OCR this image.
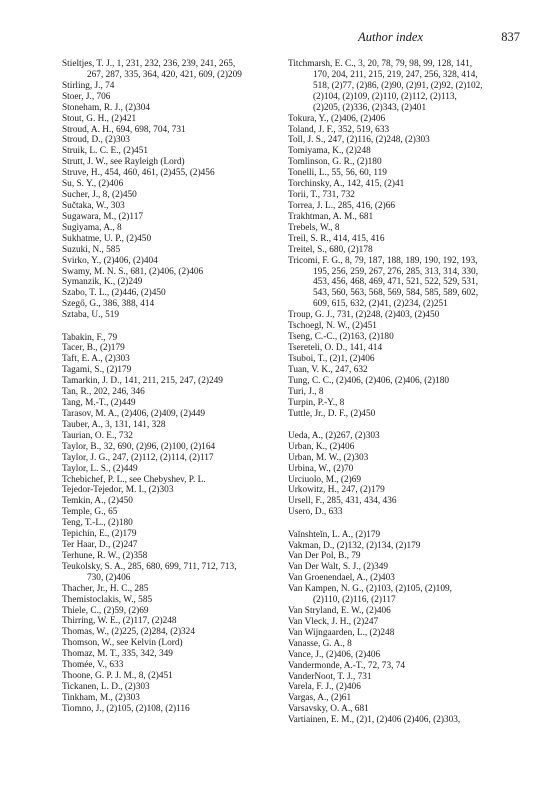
Author index	837
Stieltjes, T. J., 1, 231, 232, 236, 239, 241, 265,
267, 287, 335, 364, 420, 421, 609, (2)209
Stirling, J., 74
Stoer, J., 706
Stoneham, R. J., (2)304
Stout, G. H., (2)421
Stroud, A. H., 694, 698, 704, 731
Stroud, D., (2)303
Struik, L. C. E., (2)451
Strutt, J. W., see Rayleigh (Lord)
Struve, H., 454, 460, 461, (2)455, (2)456
Su, S. Y., (2)406
Sucher, J., 8, (2)450
Sučtaka, W., 303
Sugawara, M., (2)117
Sugiyama, A., 8
Sukhatme, U. P., (2)450
Suzuki, N., 585
Svirko, Y., (2)406, (2)404
Swamy, M. N. S., 681, (2)406, (2)406
Symanzik, K., (2)249
Szabo, T. L., (2)446, (2)450
Szegő, G., 386, 388, 414
Sztaba, U., 519
Tabakin, F., 79
Tacer, B., (2)179
Taft, E. A., (2)303
Tagami, S., (2)179
Tamarkin, J. D., 141, 211, 215, 247, (2)249
Tan, R., 202, 246, 346
Tang, M.-T., (2)449
Tarasov, M. A., (2)406, (2)409, (2)449
Tauber, A., 3, 131, 141, 328
Taurian, O. E., 732
Taylor, B., 32, 690, (2)96, (2)100, (2)164
Taylor, J. G., 247, (2)112, (2)114, (2)117
Taylor, L. S., (2)449
Tchebichef, P. L., see Chebyshev, P. L.
Tejedor-Tejedor, M. I., (2)303
Temkin, A., (2)450
Temple, G., 65
Teng, T.-L., (2)180
Tepichín, E., (2)179
Ter Haar, D., (2)247
Terhune, R. W., (2)358
Teukolsky, S. A., 285, 680, 699, 711, 712, 713,
730, (2)406
Thacher, Jr., H. C., 285
Themistoclakis, W., 585
Thiele, C., (2)59, (2)69
Thirring, W. E., (2)117, (2)248
Thomas, W., (2)225, (2)284, (2)324
Thomson, W., see Kelvin (Lord)
Thomaz, M. T., 335, 342, 349
Thomée, V., 633
Thoone, G. P. J. M., 8, (2)451
Tickanen, L. D., (2)303
Tinkham, M., (2)303
Tiomno, J., (2)105, (2)108, (2)116
Titchmarsh, E. C., 3, 20, 78, 79, 98, 99, 128, 141,
170, 204, 211, 215, 219, 247, 256, 328, 414,
518, (2)77, (2)86, (2)90, (2)91, (2)92, (2)102,
(2)104, (2)109, (2)110, (2)112, (2)113,
(2)205, (2)336, (2)343, (2)401
Tokura, Y., (2)406, (2)406
Toland, J. F., 352, 519, 633
Toll, J. S., 247, (2)116, (2)248, (2)303
Tomiyama, K., (2)248
Tomlinson, G. R., (2)180
Tonelli, L., 55, 56, 60, 119
Torchinsky, A., 142, 415, (2)41
Torii, T., 731, 732
Torrea, J. L., 285, 416, (2)66
Trakhtman, A. M., 681
Trebels, W., 8
Treil, S. R., 414, 415, 416
Treitel, S., 680, (2)178
Tricomi, F. G., 8, 79, 187, 188, 189, 190, 192, 193,
195, 256, 259, 267, 276, 285, 313, 314, 330,
453, 456, 468, 469, 471, 521, 522, 529, 531,
543, 560, 563, 568, 569, 584, 585, 589, 602,
609, 615, 632, (2)41, (2)234, (2)251
Troup, G. J., 731, (2)248, (2)403, (2)450
Tschoegl, N. W., (2)451
Tseng, C.-C., (2)163, (2)180
Tsereteli, O. D., 141, 414
Tsuboi, T., (2)1, (2)406
Tuan, V. K., 247, 632
Tung, C. C., (2)406, (2)406, (2)406, (2)180
Turi, J., 8
Turpin, P.-Y., 8
Tuttle, Jr., D. F., (2)450
Ueda, A., (2)267, (2)303
Urban, K., (2)406
Urban, M. W., (2)303
Urbina, W., (2)70
Urciuolo, M., (2)69
Urkowitz, H., 247, (2)179
Ursell, F., 285, 431, 434, 436
Usero, D., 633
Vaĭnshteĭn, L. A., (2)179
Vakman, D., (2)132, (2)134, (2)179
Van Der Pol, B., 79
Van Der Walt, S. J., (2)349
Van Groenendael, A., (2)403
Van Kampen, N. G., (2)103, (2)105, (2)109,
(2)110, (2)116, (2)117
Van Stryland, E. W., (2)406
Van Vleck, J. H., (2)247
Van Wijngaarden, L., (2)248
Vanasse, G. A., 8
Vance, J., (2)406, (2)406
Vandermonde, A.-T., 72, 73, 74
VanderNoot, T. J., 731
Varela, F. J., (2)406
Vargas, A., (2)61
Varsavsky, O. A., 681
Vartiainen, E. M., (2)1, (2)406 (2)406, (2)303,
